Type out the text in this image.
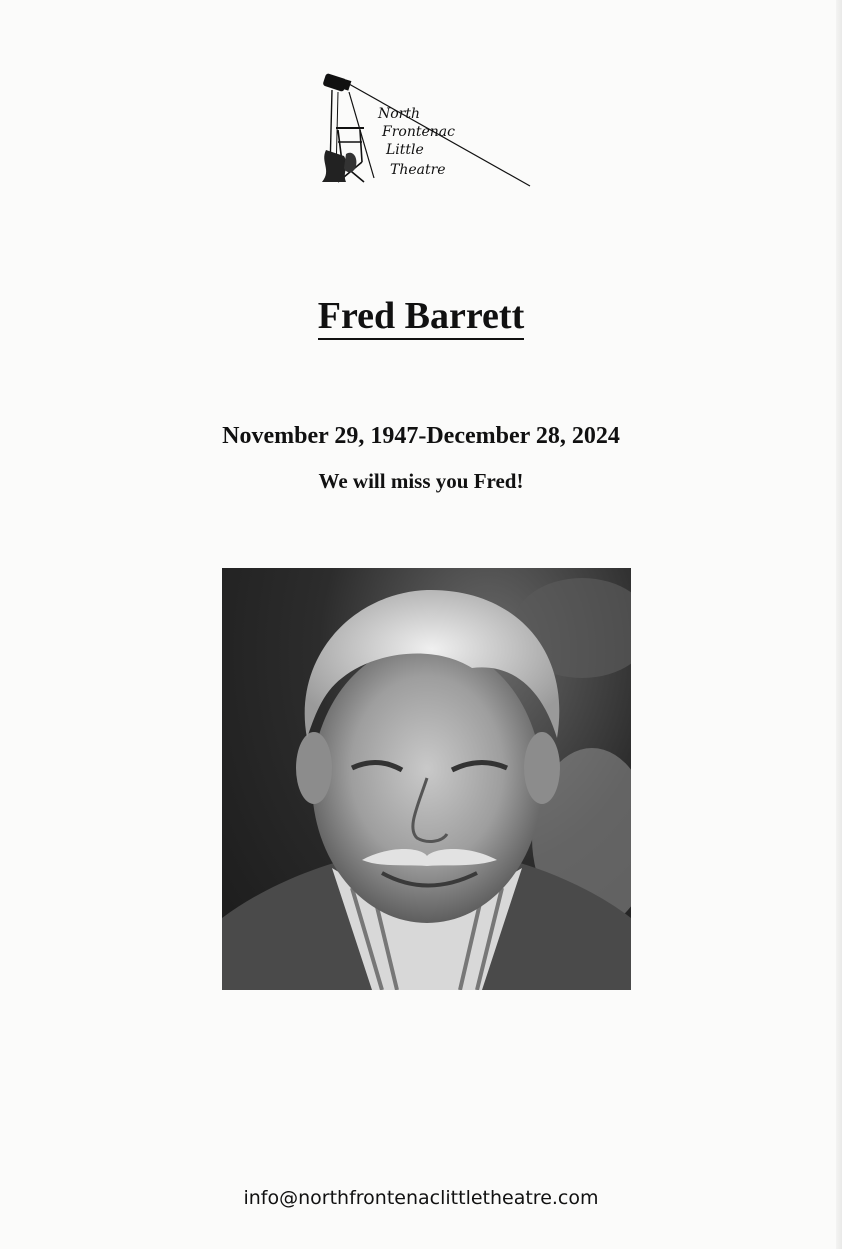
North
Frontenac
Little
Theatre
Fred Barrett
November 29, 1947-December 28, 2024
We will miss you Fred!
info@northfrontenaclittletheatre.com
